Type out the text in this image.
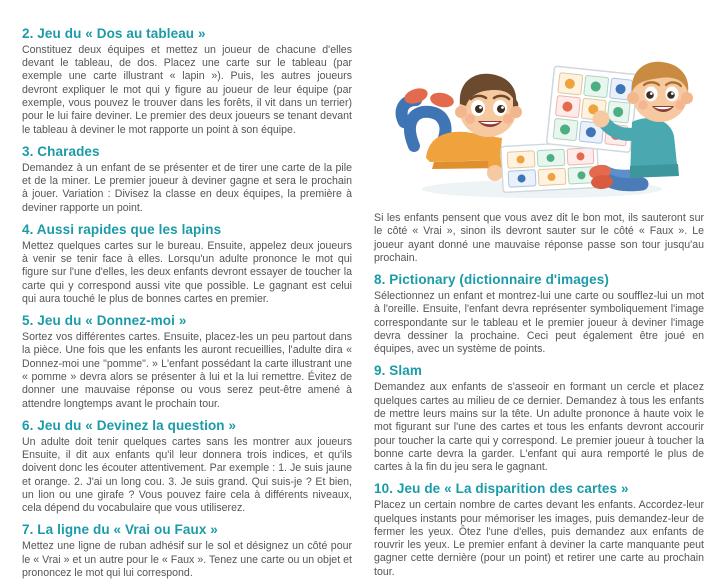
2. Jeu du « Dos au tableau »

Constituez deux équipes et mettez un joueur de chacune d'elles devant le tableau, de dos. Placez une carte sur le tableau (par exemple une carte illustrant « lapin »). Puis, les autres joueurs devront expliquer le mot qui y figure au joueur de leur équipe (par exemple, vous pouvez le trouver dans les forêts, il vit dans un terrier) pour le lui faire deviner. Le premier des deux joueurs se tenant devant le tableau à deviner le mot rapporte un point à son équipe.

3. Charades

Demandez à un enfant de se présenter et de tirer une carte de la pile et de la miner. Le premier joueur à deviner gagne et sera le prochain à jouer. Variation : Divisez la classe en deux équipes, la première à deviner rapporte un point.

4. Aussi rapides que les lapins

Mettez quelques cartes sur le bureau. Ensuite, appelez deux joueurs à venir se tenir face à elles. Lorsqu'un adulte prononce le mot qui figure sur l'une d'elles, les deux enfants devront essayer de toucher la carte qui y correspond aussi vite que possible. Le gagnant est celui qui aura touché le plus de bonnes cartes en premier.

5. Jeu du « Donnez-moi »

Sortez vos différentes cartes. Ensuite, placez-les un peu partout dans la pièce. Une fois que les enfants les auront recueillies, l'adulte dira « Donnez-moi une "pomme". » L'enfant possédant la carte illustrant une « pomme » devra alors se présenter à lui et la lui remettre. Évitez de donner une mauvaise réponse ou vous serez peut-être amené à attendre longtemps avant le prochain tour.

6. Jeu du « Devinez la question »

Un adulte doit tenir quelques cartes sans les montrer aux joueurs Ensuite, il dit aux enfants qu'il leur donnera trois indices, et qu'ils doivent donc les écouter attentivement. Par exemple : 1. Je suis jaune et orange. 2. J'ai un long cou. 3. Je suis grand. Qui suis-je ? Et bien, un lion ou une girafe ? Vous pouvez faire cela à différents niveaux, cela dépend du vocabulaire que vous utiliserez.

7. La ligne du « Vrai ou Faux »

Mettez une ligne de ruban adhésif sur le sol et désignez un côté pour le « Vrai » et un autre pour le « Faux ». Tenez une carte ou un objet et prononcez le mot qui lui correspond.

Si les enfants pensent que vous avez dit le bon mot, ils sauteront sur le côté « Vrai », sinon ils devront sauter sur le côté « Faux ». Le joueur ayant donné une mauvaise réponse passe son tour jusqu'au prochain.

8. Pictionary (dictionnaire d'images)

Sélectionnez un enfant et montrez-lui une carte ou soufflez-lui un mot à l'oreille. Ensuite, l'enfant devra représenter symboliquement l'image correspondante sur le tableau et le premier joueur à deviner l'image devra dessiner la prochaine. Ceci peut également être joué en équipes, avec un système de points.

9. Slam

Demandez aux enfants de s'asseoir en formant un cercle et placez quelques cartes au milieu de ce dernier. Demandez à tous les enfants de mettre leurs mains sur la tête. Un adulte prononce à haute voix le mot figurant sur l'une des cartes et tous les enfants devront accourir pour toucher la carte qui y correspond. Le premier joueur à toucher la bonne carte devra la garder. L'enfant qui aura remporté le plus de cartes à la fin du jeu sera le gagnant.

10. Jeu de « La disparition des cartes »

Placez un certain nombre de cartes devant les enfants. Accordez-leur quelques instants pour mémoriser les images, puis demandez-leur de fermer les yeux. Ôtez l'une d'elles, puis demandez aux enfants de rouvrir les yeux. Le premier enfant à deviner la carte manquante peut gagner cette dernière (pour un point) et retirer une carte au prochain tour.
